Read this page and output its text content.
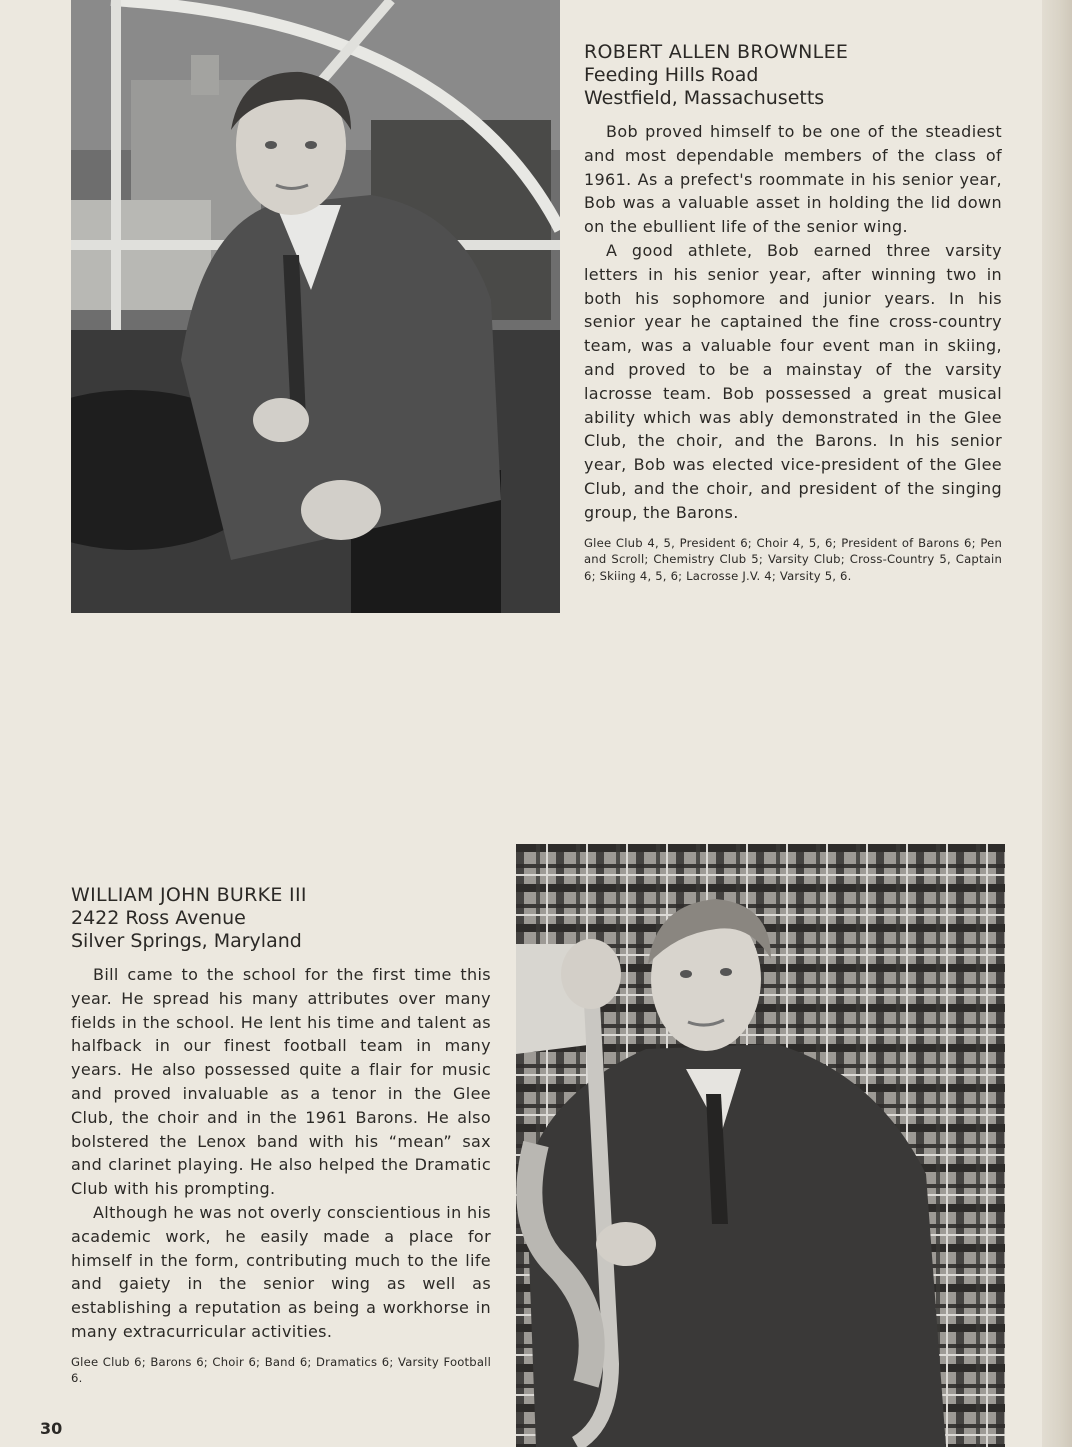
ROBERT ALLEN BROWNLEE
Feeding Hills Road
Westfield, Massachusetts

Bob proved himself to be one of the steadiest and most dependable members of the class of 1961. As a prefect's roommate in his senior year, Bob was a valuable asset in holding the lid down on the ebullient life of the senior wing.

A good athlete, Bob earned three varsity letters in his senior year, after winning two in both his sophomore and junior years. In his senior year he captained the fine cross-country team, was a valuable four event man in skiing, and proved to be a mainstay of the varsity lacrosse team. Bob possessed a great musical ability which was ably demonstrated in the Glee Club, the choir, and the Barons. In his senior year, Bob was elected vice-president of the Glee Club, and the choir, and president of the singing group, the Barons.

Glee Club 4, 5, President 6; Choir 4, 5, 6; President of Barons 6; Pen and Scroll; Chemistry Club 5; Varsity Club; Cross-Country 5, Captain 6; Skiing 4, 5, 6; Lacrosse J.V. 4; Varsity 5, 6.
WILLIAM JOHN BURKE III
2422 Ross Avenue
Silver Springs, Maryland

Bill came to the school for the first time this year. He spread his many attributes over many fields in the school. He lent his time and talent as halfback in our finest football team in many years. He also possessed quite a flair for music and proved invaluable as a tenor in the Glee Club, the choir and in the 1961 Barons. He also bolstered the Lenox band with his “mean” sax and clarinet playing. He also helped the Dramatic Club with his prompting.

Although he was not overly conscientious in his academic work, he easily made a place for himself in the form, contributing much to the life and gaiety in the senior wing as well as establishing a reputation as being a workhorse in many extracurricular activities.

Glee Club 6; Barons 6; Choir 6; Band 6; Dramatics 6; Varsity Football 6.
30
